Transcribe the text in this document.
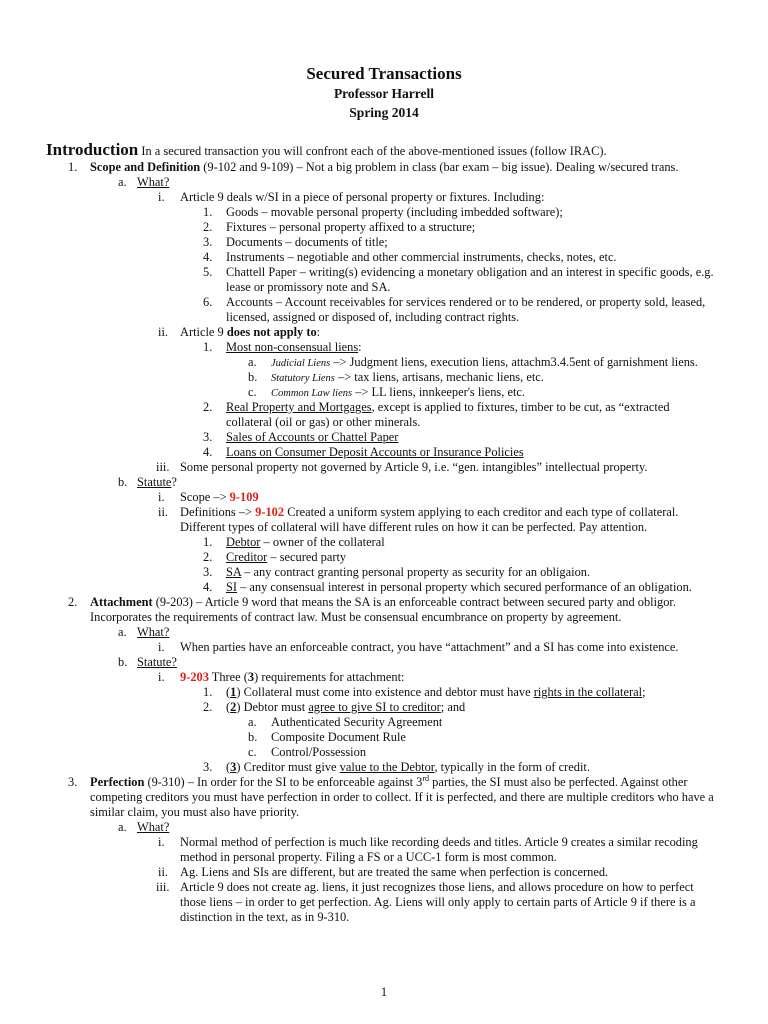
Secured Transactions
Professor Harrell
Spring 2014
Introduction In a secured transaction you will confront each of the above-mentioned issues (follow IRAC).
1. Scope and Definition (9-102 and 9-109) – Not a big problem in class (bar exam – big issue). Dealing w/secured trans.
a. What?
i. Article 9 deals w/SI in a piece of personal property or fixtures. Including:
1. Goods – movable personal property (including imbedded software);
2. Fixtures – personal property affixed to a structure;
3. Documents – documents of title;
4. Instruments – negotiable and other commercial instruments, checks, notes, etc.
5. Chattell Paper – writing(s) evidencing a monetary obligation and an interest in specific goods, e.g.
lease or promissory note and SA.
6. Accounts – Account receivables for services rendered or to be rendered, or property sold, leased,
licensed, assigned or disposed of, including contract rights.
ii. Article 9 does not apply to:
1. Most non-consensual liens:
a. Judicial Liens –> Judgment liens, execution liens, attachm3.4.5ent of garnishment liens.
b. Statutory Liens –> tax liens, artisans, mechanic liens, etc.
c. Common Law liens –> LL liens, innkeeper's liens, etc.
2. Real Property and Mortgages, except is applied to fixtures, timber to be cut, as “extracted
collateral (oil or gas) or other minerals.
3. Sales of Accounts or Chattel Paper
4. Loans on Consumer Deposit Accounts or Insurance Policies
iii. Some personal property not governed by Article 9, i.e. “gen. intangibles” intellectual property.
b. Statute?
i. Scope –> 9-109
ii. Definitions –> 9-102 Created a uniform system applying to each creditor and each type of collateral.
Different types of collateral will have different rules on how it can be perfected. Pay attention.
1. Debtor – owner of the collateral
2. Creditor – secured party
3. SA – any contract granting personal property as security for an obligaion.
4. SI – any consensual interest in personal property which secured performance of an obligation.
2. Attachment (9-203) – Article 9 word that means the SA is an enforceable contract between secured party and obligor.
Incorporates the requirements of contract law. Must be consensual encumbrance on property by agreement.
a. What?
i. When parties have an enforceable contract, you have “attachment” and a SI has come into existence.
b. Statute?
i. 9-203 Three (3) requirements for attachment:
1. (1) Collateral must come into existence and debtor must have rights in the collateral;
2. (2) Debtor must agree to give SI to creditor; and
a. Authenticated Security Agreement
b. Composite Document Rule
c. Control/Possession
3. (3) Creditor must give value to the Debtor, typically in the form of credit.
3. Perfection (9-310) – In order for the SI to be enforceable against 3rd parties, the SI must also be perfected. Against other
competing creditors you must have perfection in order to collect. If it is perfected, and there are multiple creditors who have a
similar claim, you must also have priority.
a. What?
i. Normal method of perfection is much like recording deeds and titles. Article 9 creates a similar recoding
method in personal property. Filing a FS or a UCC-1 form is most common.
ii. Ag. Liens and SIs are different, but are treated the same when perfection is concerned.
iii. Article 9 does not create ag. liens, it just recognizes those liens, and allows procedure on how to perfect
those liens – in order to get perfection. Ag. Liens will only apply to certain parts of Article 9 if there is a
distinction in the text, as in 9-310.
1
